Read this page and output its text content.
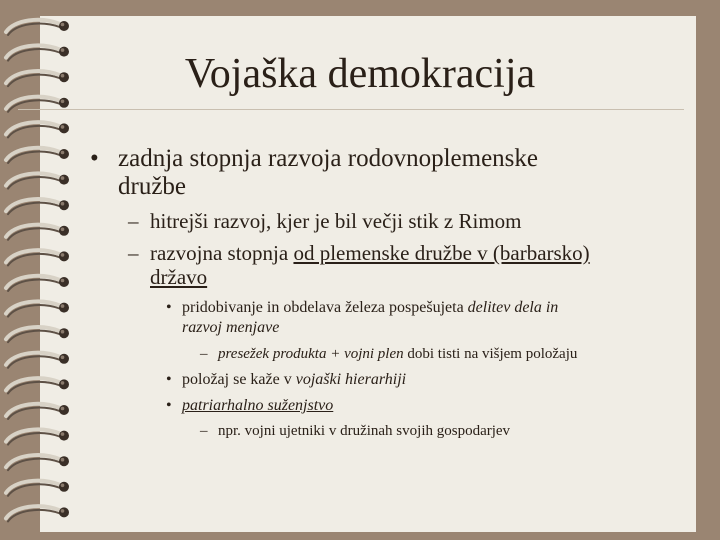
Vojaška demokracija
• zadnja stopnja razvoja rodovnoplemenske
družbe
– hitrejši razvoj, kjer je bil večji stik z Rimom
– razvojna stopnja od plemenske družbe v (barbarsko)
državo
• pridobivanje in obdelava železa pospešujeta delitev dela in
razvoj menjave
– presežek produkta + vojni plen dobi tisti na višjem položaju
• položaj se kaže v vojaški hierarhiji
• patriarhalno suženjstvo
– npr. vojni ujetniki v družinah svojih gospodarjev
